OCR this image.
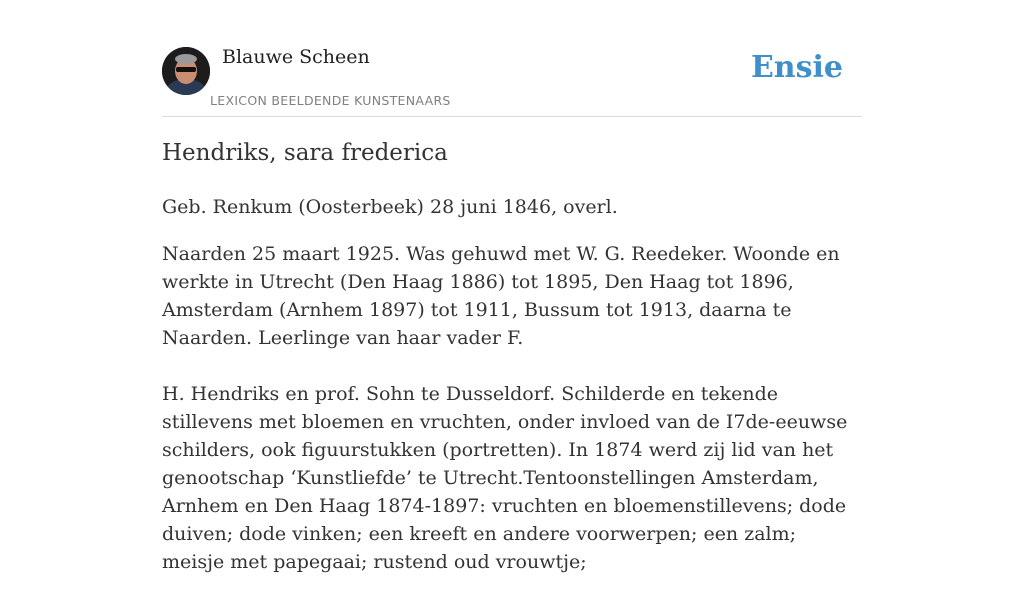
Blauwe Scheen
LEXICON BEELDENDE KUNSTENAARS
Ensie
Hendriks, sara frederica

Geb. Renkum (Oosterbeek) 28 juni 1846, overl.

Naarden 25 maart 1925. Was gehuwd met W. G. Reedeker. Woonde en werkte in Utrecht (Den Haag 1886) tot 1895, Den Haag tot 1896, Amsterdam (Arnhem 1897) tot 1911, Bussum tot 1913, daarna te Naarden. Leerlinge van haar vader F.

H. Hendriks en prof. Sohn te Dusseldorf. Schilderde en tekende stillevens met bloemen en vruchten, onder invloed van de I7de-eeuwse schilders, ook figuurstukken (portretten). In 1874 werd zij lid van het genootschap ‘Kunstliefde’ te Utrecht.Tentoonstellingen Amsterdam, Arnhem en Den Haag 1874-1897: vruchten en bloemenstillevens; dode duiven; dode vinken; een kreeft en andere voorwerpen; een zalm; meisje met papegaai; rustend oud vrouwtje;
